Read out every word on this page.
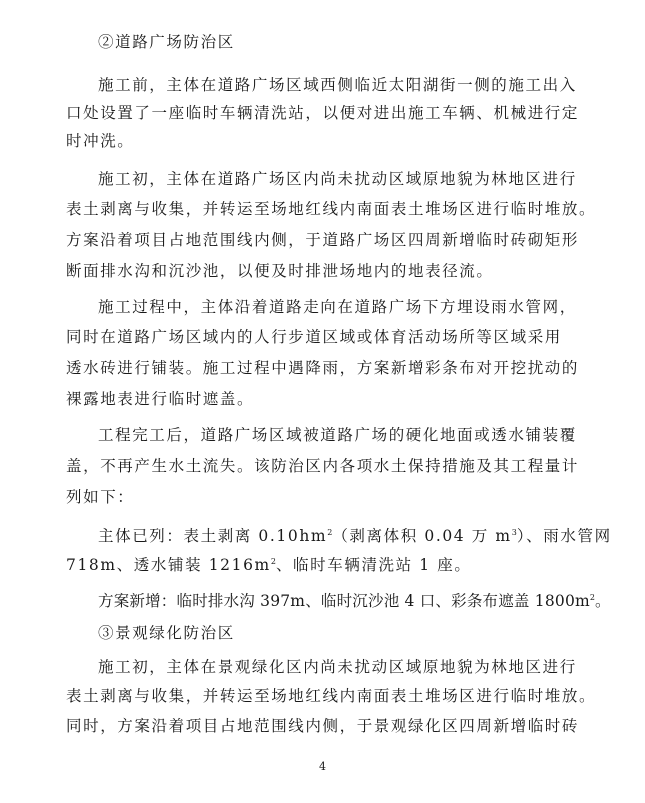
②道路广场防治区
施工前，主体在道路广场区域西侧临近太阳湖街一侧的施工出入
口处设置了一座临时车辆清洗站，以便对进出施工车辆、机械进行定
时冲洗。
施工初，主体在道路广场区内尚未扰动区域原地貌为林地区进行
表土剥离与收集，并转运至场地红线内南面表土堆场区进行临时堆放。
方案沿着项目占地范围线内侧，于道路广场区四周新增临时砖砌矩形
断面排水沟和沉沙池，以便及时排泄场地内的地表径流。
施工过程中，主体沿着道路走向在道路广场下方埋设雨水管网，
同时在道路广场区域内的人行步道区域或体育活动场所等区域采用
透水砖进行铺装。施工过程中遇降雨，方案新增彩条布对开挖扰动的
裸露地表进行临时遮盖。
工程完工后，道路广场区域被道路广场的硬化地面或透水铺装覆
盖，不再产生水土流失。该防治区内各项水土保持措施及其工程量计
列如下：
主体已列：表土剥离 $0.10hm^2$（剥离体积 0.04 万 $m^3$）、雨水管网
718m、透水铺装 $1216m^2$、临时车辆清洗站 1 座。
方案新增：临时排水沟 397m、临时沉沙池 4 口、彩条布遮盖 $1800m^2$。
③景观绿化防治区
施工初，主体在景观绿化区内尚未扰动区域原地貌为林地区进行
表土剥离与收集，并转运至场地红线内南面表土堆场区进行临时堆放。
同时，方案沿着项目占地范围线内侧，于景观绿化区四周新增临时砖
4
